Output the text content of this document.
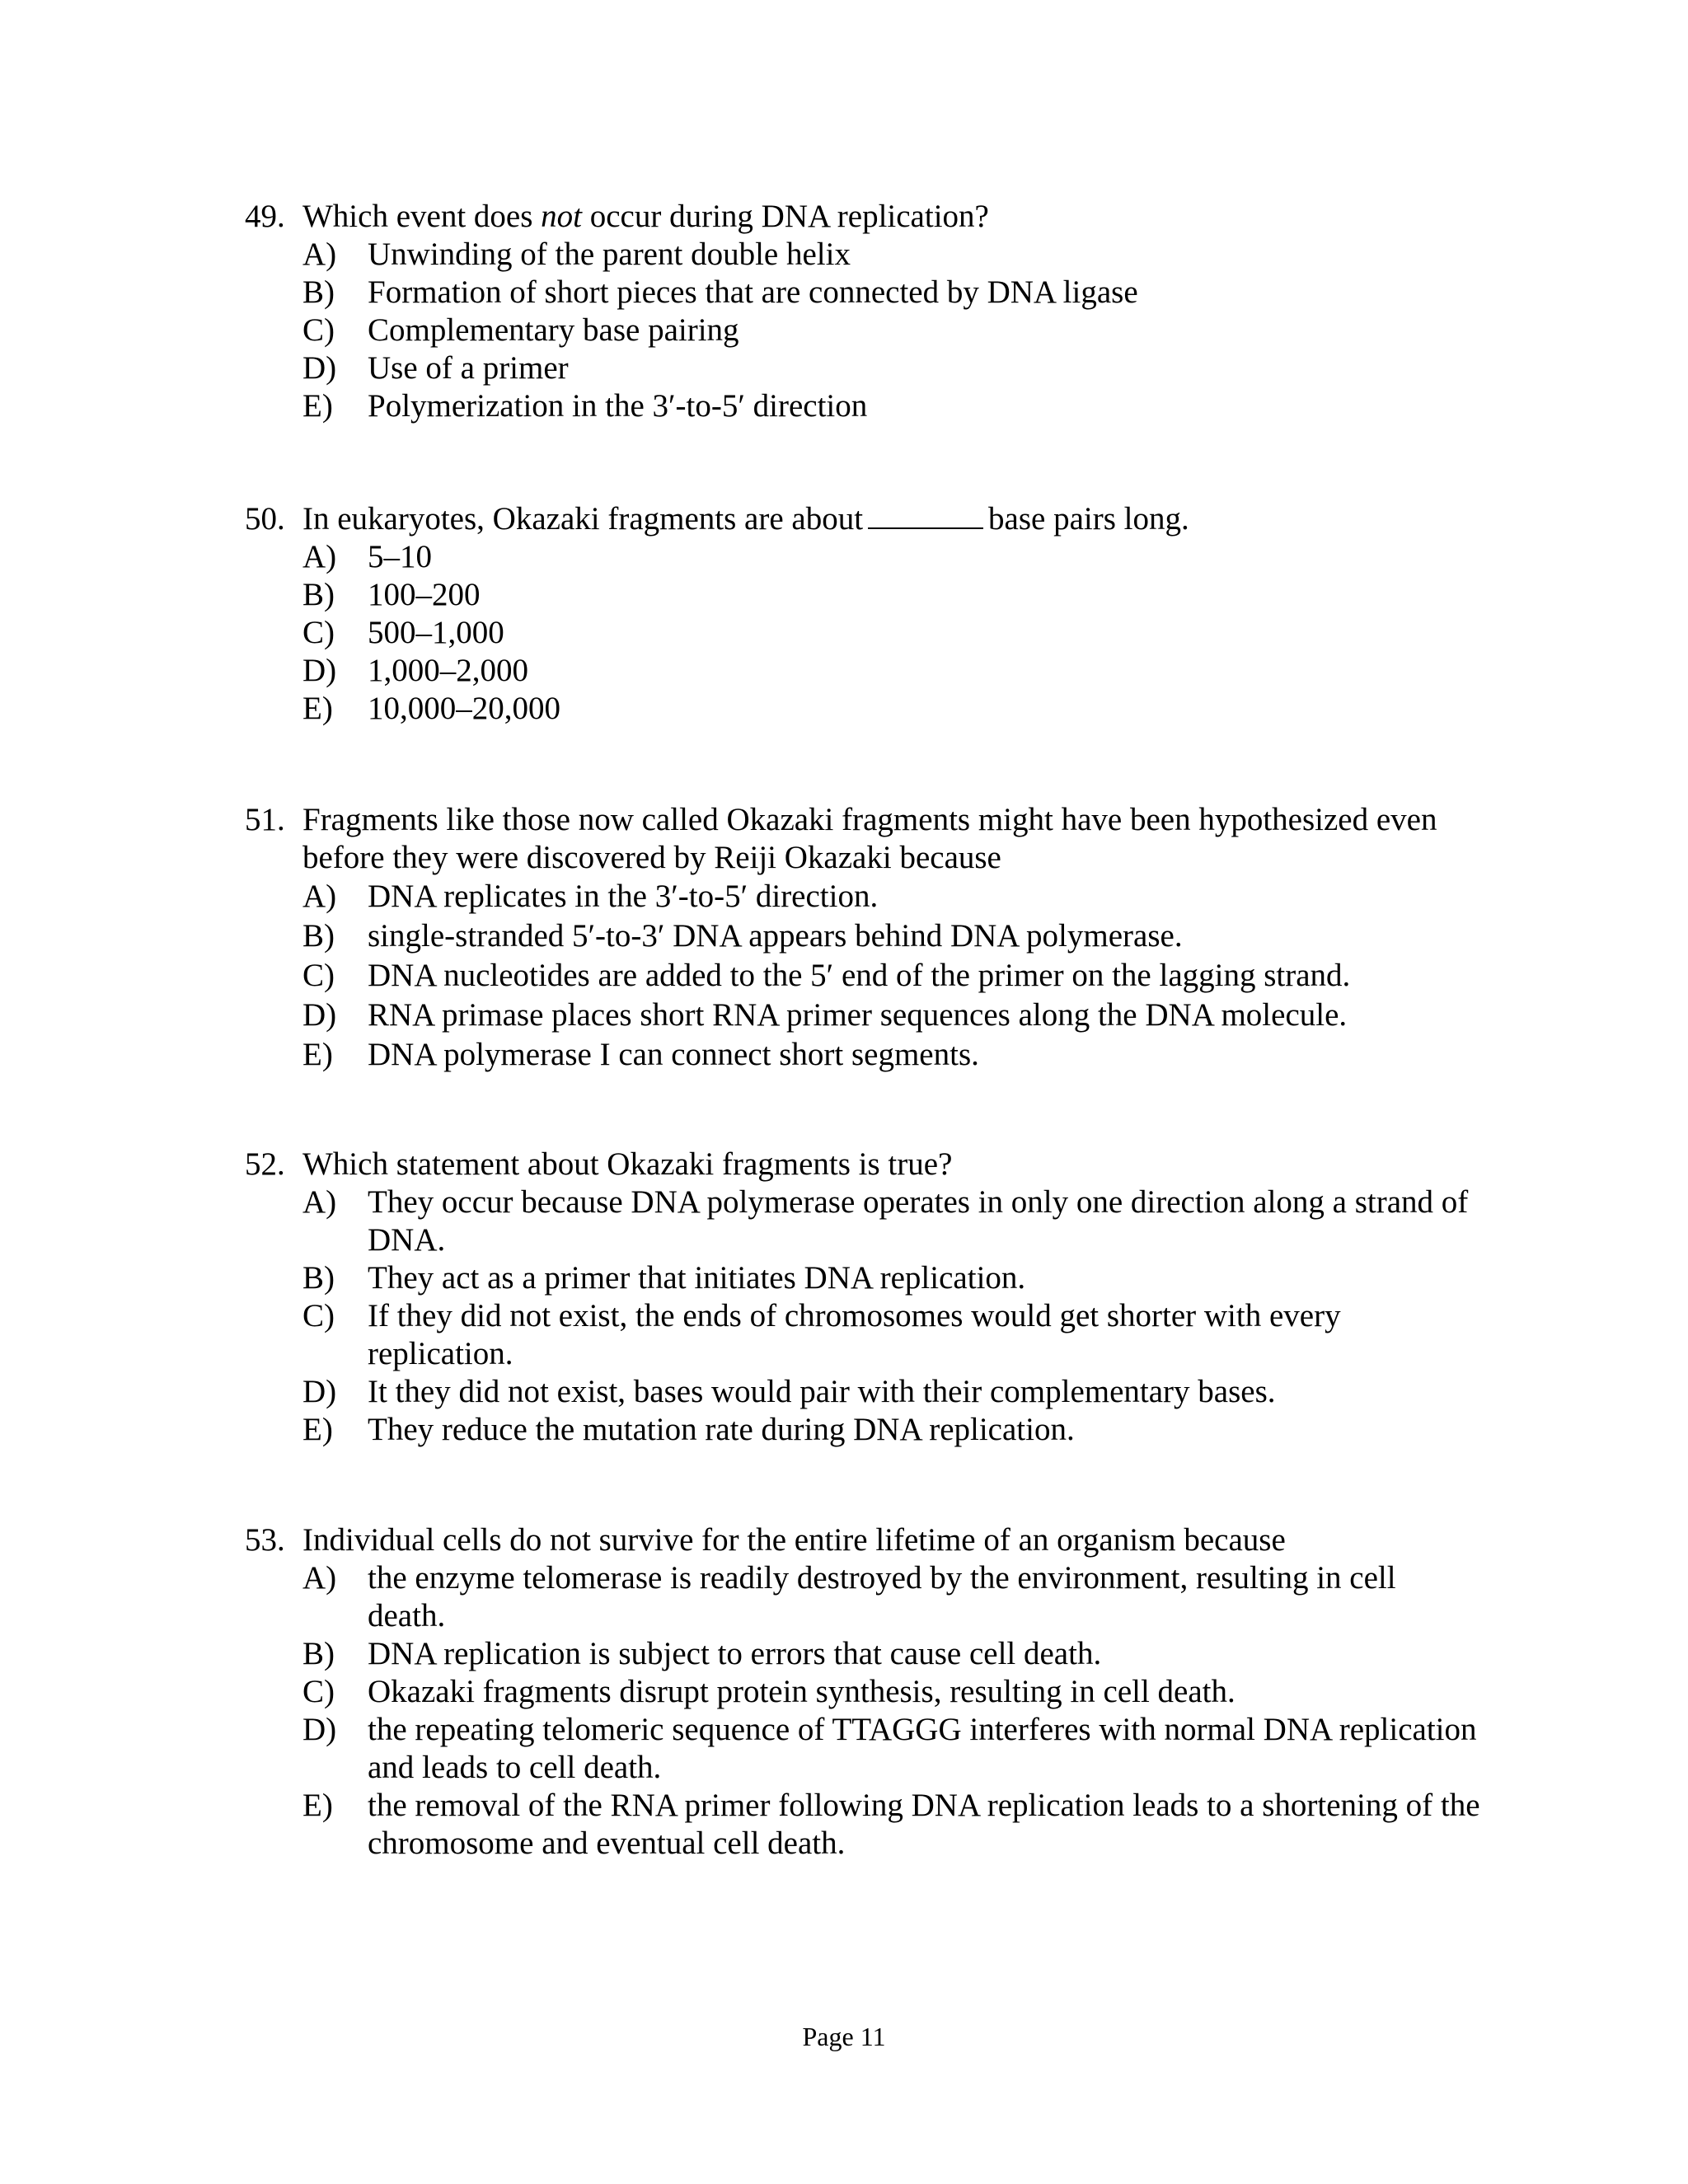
49. Which event does not occur during DNA replication?
A) Unwinding of the parent double helix
B) Formation of short pieces that are connected by DNA ligase
C) Complementary base pairing
D) Use of a primer
E) Polymerization in the 3′-to-5′ direction
50. In eukaryotes, Okazaki fragments are about	base pairs long.
A) 5–10
B) 100–200
C) 500–1,000
D) 1,000–2,000
E) 10,000–20,000
51. Fragments like those now called Okazaki fragments might have been hypothesized even before they were discovered by Reiji Okazaki because
A) DNA replicates in the 3′-to-5′ direction.
B) single-stranded 5′-to-3′ DNA appears behind DNA polymerase.
C) DNA nucleotides are added to the 5′ end of the primer on the lagging strand.
D) RNA primase places short RNA primer sequences along the DNA molecule.
E) DNA polymerase I can connect short segments.
52. Which statement about Okazaki fragments is true?
A) They occur because DNA polymerase operates in only one direction along a strand of DNA.
B) They act as a primer that initiates DNA replication.
C) If they did not exist, the ends of chromosomes would get shorter with every replication.
D) It they did not exist, bases would pair with their complementary bases.
E) They reduce the mutation rate during DNA replication.
53. Individual cells do not survive for the entire lifetime of an organism because
A) the enzyme telomerase is readily destroyed by the environment, resulting in cell death.
B) DNA replication is subject to errors that cause cell death.
C) Okazaki fragments disrupt protein synthesis, resulting in cell death.
D) the repeating telomeric sequence of TTAGGG interferes with normal DNA replication and leads to cell death.
E) the removal of the RNA primer following DNA replication leads to a shortening of the chromosome and eventual cell death.
Page 11
